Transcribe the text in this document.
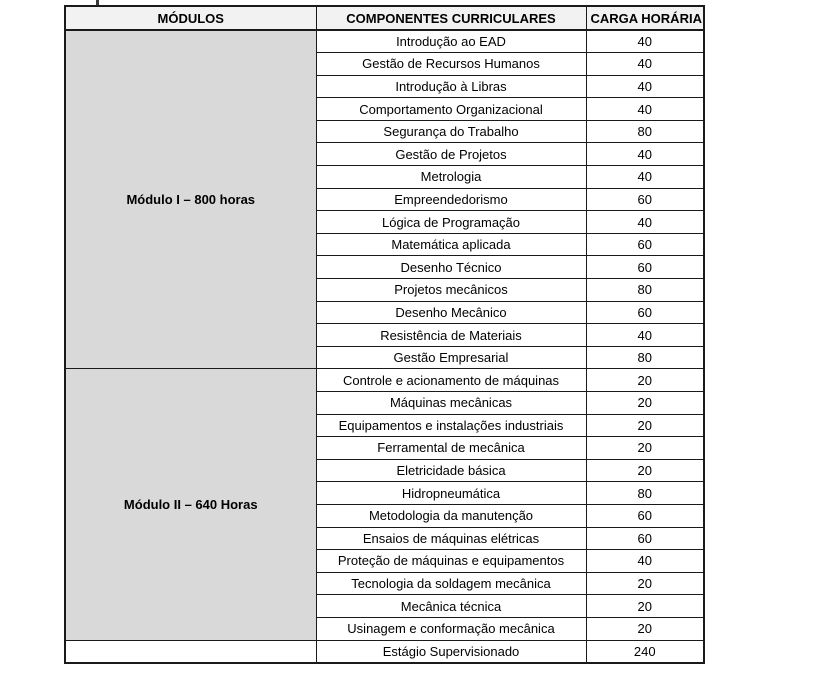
MÓDULOS	COMPONENTES CURRICULARES	CARGA HORÁRIA
Módulo I – 800 horas	Introdução ao EAD	40
	Gestão de Recursos Humanos	40
	Introdução à Libras	40
	Comportamento Organizacional	40
	Segurança do Trabalho	80
	Gestão de Projetos	40
	Metrologia	40
	Empreendedorismo	60
	Lógica de Programação	40
	Matemática aplicada	60
	Desenho Técnico	60
	Projetos mecânicos	80
	Desenho Mecânico	60
	Resistência de Materiais	40
	Gestão Empresarial	80
Módulo II – 640 Horas	Controle e acionamento de máquinas	20
	Máquinas mecânicas	20
	Equipamentos e instalações industriais	20
	Ferramental de mecânica	20
	Eletricidade básica	20
	Hidropneumática	80
	Metodologia da manutenção	60
	Ensaios de máquinas elétricas	60
	Proteção de máquinas e equipamentos	40
	Tecnologia da soldagem mecânica	20
	Mecânica técnica	20
	Usinagem e conformação mecânica	20
	Estágio Supervisionado	240
